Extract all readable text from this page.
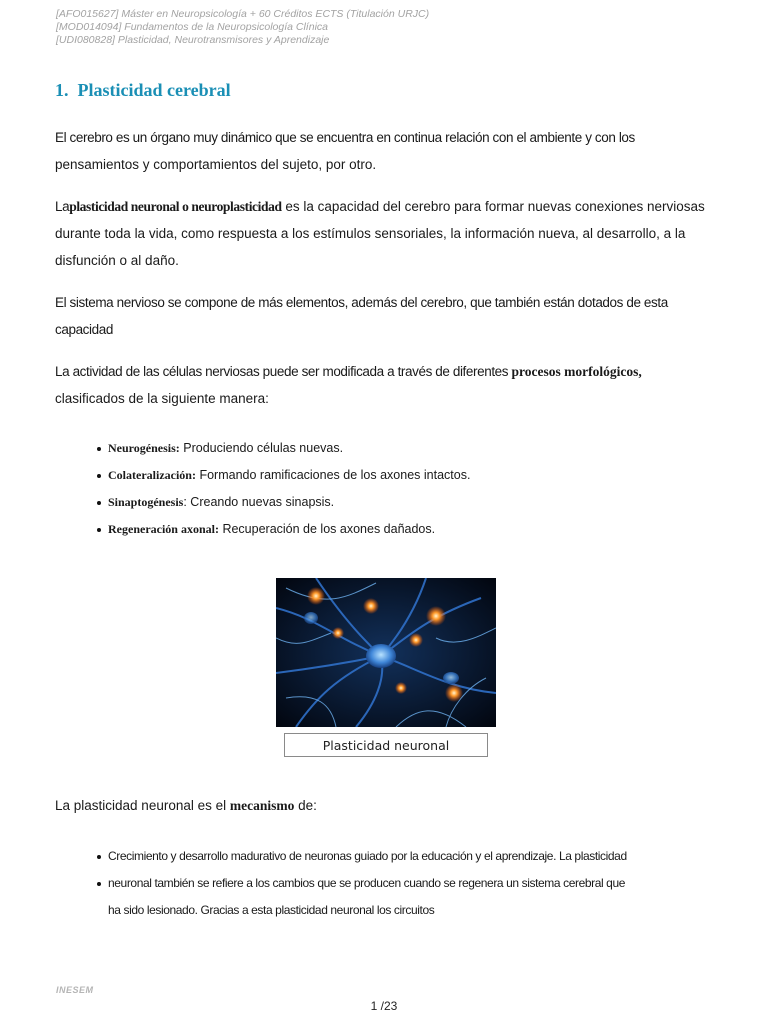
[AFO015627] Máster en Neuropsicología + 60 Créditos ECTS (Titulación URJC)
[MOD014094] Fundamentos de la Neuropsicología Clínica
[UDI080828] Plasticidad, Neurotransmisores y Aprendizaje
1. Plasticidad cerebral

El cerebro es un órgano muy dinámico que se encuentra en continua relación con el ambiente y con los
pensamientos y comportamientos del sujeto, por otro.

Laplasticidad neuronal o neuroplasticidad es la capacidad del cerebro para formar nuevas conexiones nerviosas durante toda la vida, como respuesta a los estímulos sensoriales, la información nueva, al desarrollo, a la disfunción o al daño.

El sistema nervioso se compone de más elementos, además del cerebro, que también están dotados de esta capacidad

La actividad de las células nerviosas puede ser modificada a través de diferentes procesos morfológicos,
clasificados de la siguiente manera:

Neurogénesis: Produciendo células nuevas.
Colateralización: Formando ramificaciones de los axones intactos.
Sinaptogénesis: Creando nuevas sinapsis.
Regeneración axonal: Recuperación de los axones dañados.
Plasticidad neuronal

La plasticidad neuronal es el mecanismo de:

Crecimiento y desarrollo madurativo de neuronas guiado por la educación y el aprendizaje. La plasticidad
neuronal también se refiere a los cambios que se producen cuando se regenera un sistema cerebral que
ha sido lesionado. Gracias a esta plasticidad neuronal los circuitos
INESEM
1 /23
